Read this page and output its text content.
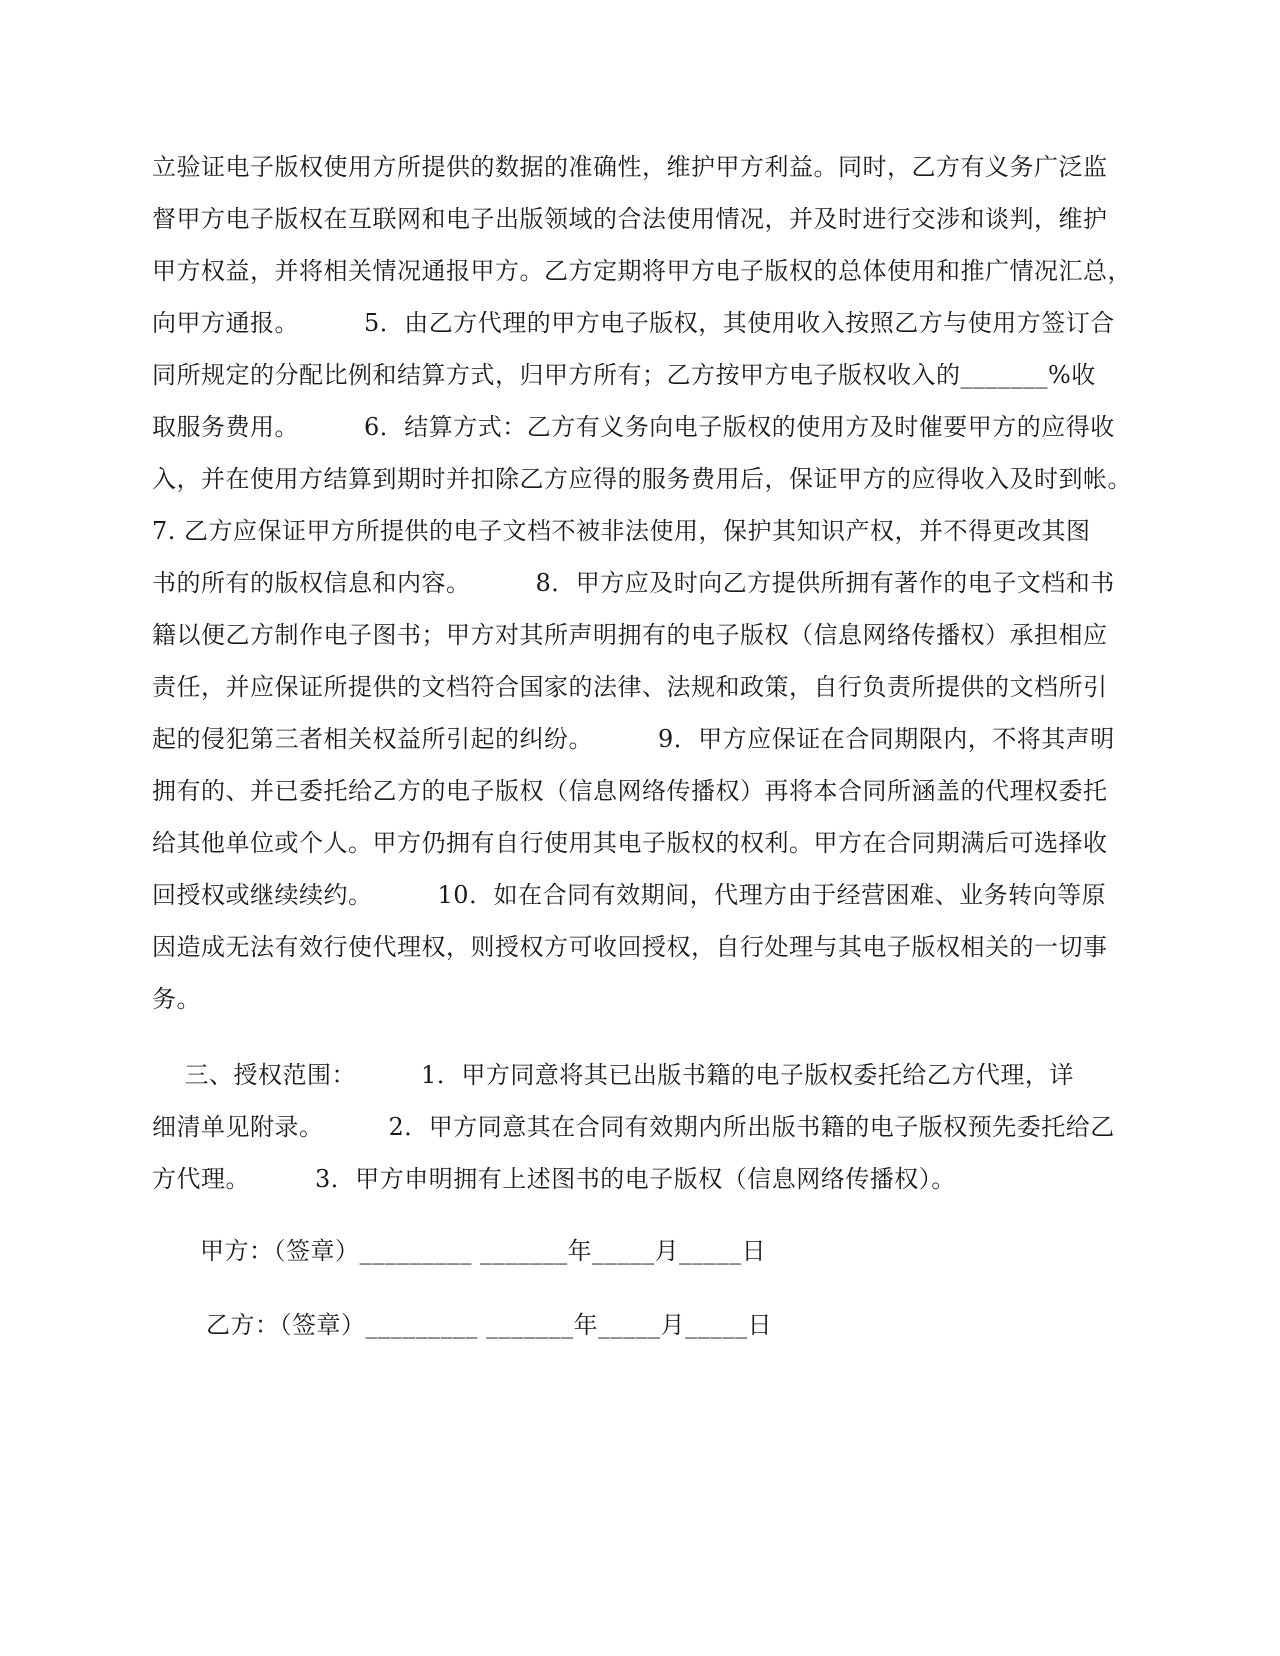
立验证电子版权使用方所提供的数据的准确性，维护甲方利益。同时，乙方有义务广泛监
督甲方电子版权在互联网和电子出版领域的合法使用情况，并及时进行交涉和谈判，维护
甲方权益，并将相关情况通报甲方。乙方定期将甲方电子版权的总体使用和推广情况汇总，
向甲方通报。        5．由乙方代理的甲方电子版权，其使用收入按照乙方与使用方签订合
同所规定的分配比例和结算方式，归甲方所有；乙方按甲方电子版权收入的_______%收
取服务费用。        6．结算方式：乙方有义务向电子版权的使用方及时催要甲方的应得收
入，并在使用方结算到期时并扣除乙方应得的服务费用后，保证甲方的应得收入及时到帐。
7. 乙方应保证甲方所提供的电子文档不被非法使用，保护其知识产权，并不得更改其图
书的所有的版权信息和内容。        8．甲方应及时向乙方提供所拥有著作的电子文档和书
籍以便乙方制作电子图书；甲方对其所声明拥有的电子版权（信息网络传播权）承担相应
责任，并应保证所提供的文档符合国家的法律、法规和政策，自行负责所提供的文档所引
起的侵犯第三者相关权益所引起的纠纷。        9．甲方应保证在合同期限内，不将其声明
拥有的、并已委托给乙方的电子版权（信息网络传播权）再将本合同所涵盖的代理权委托
给其他单位或个人。甲方仍拥有自行使用其电子版权的权利。甲方在合同期满后可选择收
回授权或继续续约。        10．如在合同有效期间，代理方由于经营困难、业务转向等原
因造成无法有效行使代理权，则授权方可收回授权，自行处理与其电子版权相关的一切事
务。
三、授权范围：        1．甲方同意将其已出版书籍的电子版权委托给乙方代理，详
细清单见附录。        2．甲方同意其在合同有效期内所出版书籍的电子版权预先委托给乙
方代理。        3．甲方申明拥有上述图书的电子版权（信息网络传播权）。
甲方：（签章）_________ _______年_____月_____日
乙方：（签章）_________ _______年_____月_____日
